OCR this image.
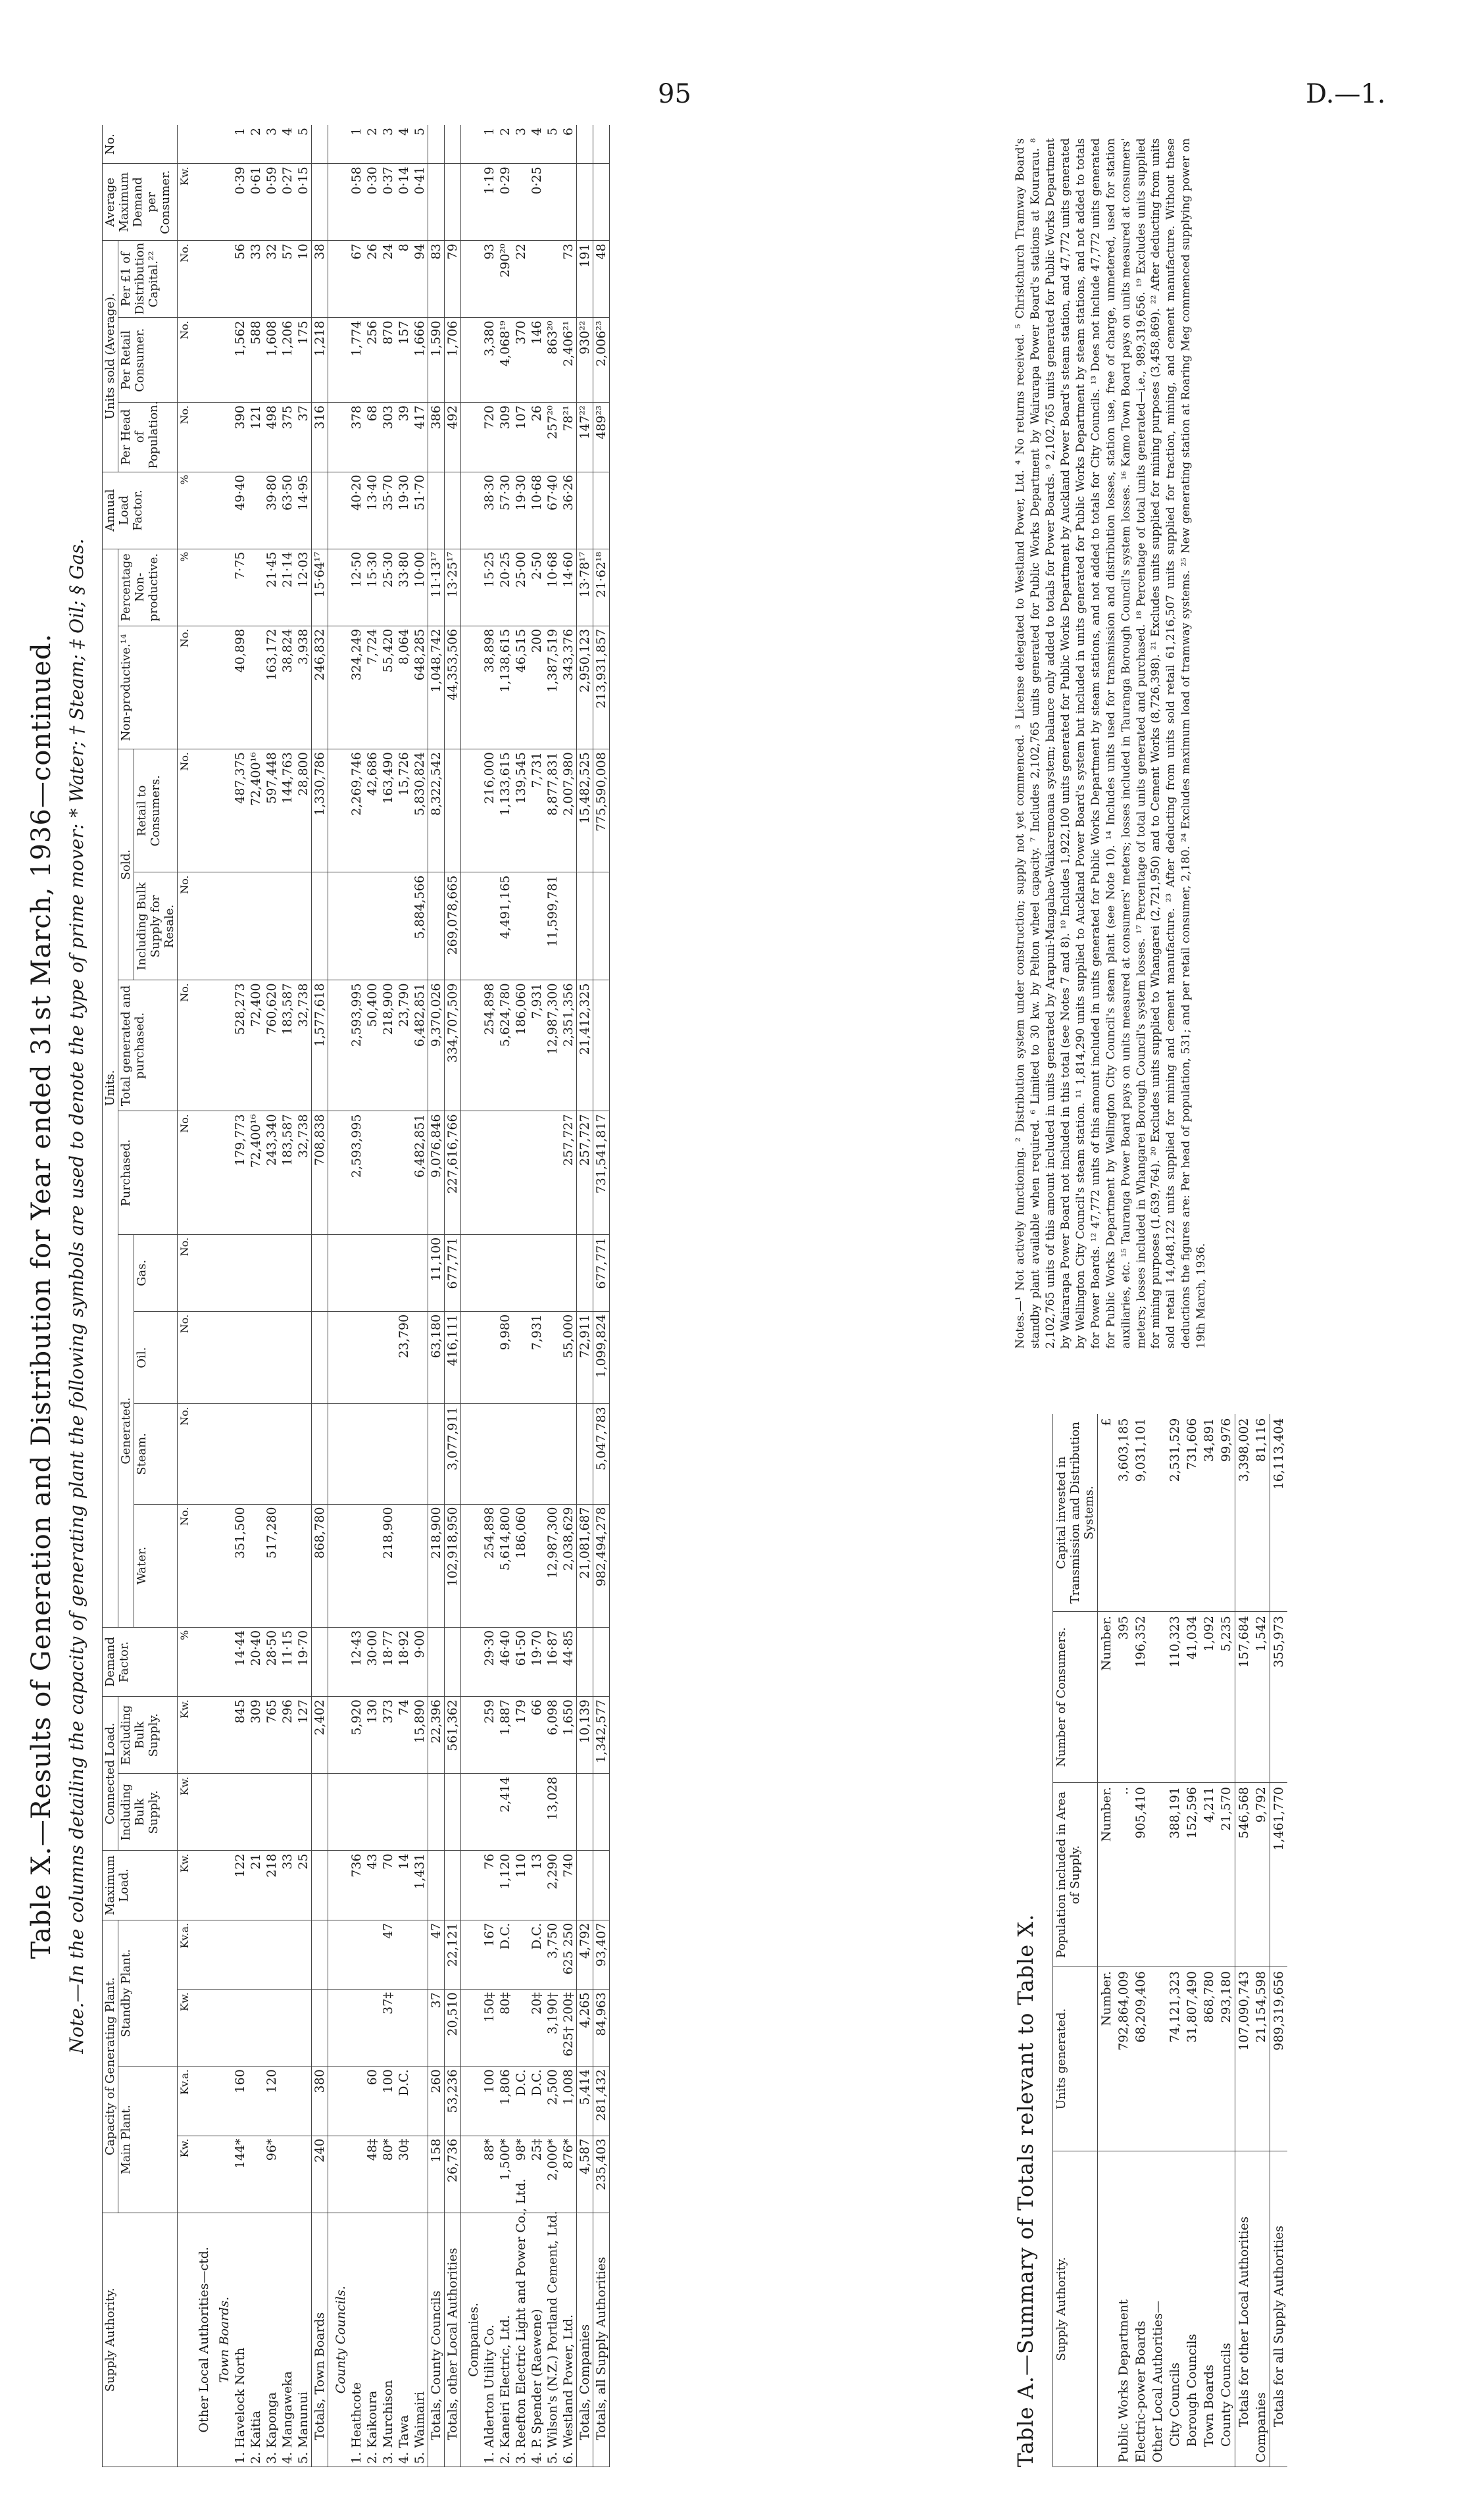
95	D.—1.
Table X.—Results of Generation and Distribution for Year ended 31st March, 1936—continued. Note.—In the columns detailing the capacity of generating plant the following symbols are used to denote the type of prime mover: * Water; † Steam; ‡ Oil; § Gas.
Supply Authority.	Capacity of Generating Plant.				Maximum Load.	Connected Load.		Demand Factor.	Units.										Annual Load Factor.	Units sold (Average).			Average Maximum Demand per Consumer.	No.
	Main Plant.		Standby Plant.			Including Bulk Supply.	Excluding Bulk Supply.		Generated.				Purchased.	Total generated and purchased.	Sold.		Non-productive.¹⁴	Percentage Non-productive.		Per Head of Population.	Per Retail Consumer.	Per £1 of Distribution Capital.²²		
									Water.	Steam.	Oil.	Gas.			Including Bulk Supply for Resale.	Retail to Consumers.								
	Kw.	Kv.a.	Kw.	Kv.a.	Kw.	Kw.	Kw.	%	No.	No.	No.	No.	No.	No.	No.	No.	No.	%	%	No.	No.	No.	Kw.	
Other Local Authorities—ctd.																								
Town Boards.																								
1. Havelock North	144*	160			122		845	14·44	351,500				179,773	528,273		487,375	40,898	7·75	49·40	390	1,562	56	0·39	1
2. Kaitia					21		309	20·40					72,400¹⁶	72,400		72,400¹⁶				121	588	33	0·61	2
3. Kaponga	96*	120			218		765	28·50	517,280				243,340	760,620		597,448	163,172	21·45	39·80	498	1,608	32	0·59	3
4. Mangaweka					33		296	11·15					183,587	183,587		144,763	38,824	21·14	63·50	375	1,206	57	0·27	4
5. Manunui					25		127	19·70					32,738	32,738		28,800	3,938	12·03	14·95	37	175	10	0·15	5
Totals, Town Boards	240	380					2,402		868,780				708,838	1,577,618		1,330,786	246,832	15·64¹⁷		316	1,218	38		
County Councils.																								
1. Heathcote					736		5,920	12·43					2,593,995	2,593,995		2,269,746	324,249	12·50	40·20	378	1,774	67	0·58	1
2. Kaikoura	48‡	60			43		130	30·00						50,400		42,686	7,724	15·30	13·40	68	256	26	0·30	2
3. Murchison	80*	100	37‡	47	70		373	18·77	218,900					218,900		163,490	55,420	25·30	35·70	303	870	24	0·37	3
4. Tawa	30‡	D.C.			14		74	18·92			23,790			23,790		15,726	8,064	33·80	19·30	39	157	8	0·14	4
5. Waimairi					1,431		15,890	9·00					6,482,851	6,482,851	5,884,566	5,830,824	648,285	10·00	51·70	417	1,666	94	0·41	5
Totals, County Councils	158	260	37	47			22,396		218,900		63,180	11,100	9,076,846	9,370,026		8,322,542	1,048,742	11·13¹⁷		386	1,590	83		
Totals, other Local Authorities	26,736	53,236	20,510	22,121			561,362		102,918,950	3,077,911	416,111	677,771	227,616,766	334,707,509	269,078,665		44,353,506	13·25¹⁷		492	1,706	79		
Companies.																								
1. Alderton Utility Co.	88*	100	150‡	167	76		259	29·30	254,898					254,898		216,000	38,898	15·25	38·30	720	3,380	93	1·19	1
2. Kaneiri Electric, Ltd.	1,500*	1,806	80‡	D.C.	1,120	2,414	1,887	46·40	5,614,800		9,980			5,624,780	4,491,165	1,133,615	1,138,615	20·25	57·30	309	4,068¹⁹	290²⁰	0·29	2
3. Reefton Electric Light and Power Co., Ltd.	98*	D.C.			110		179	61·50	186,060					186,060		139,545	46,515	25·00	19·30	107	370	22		3
4. P. Spender (Raewene)	25‡	D.C.	20‡	D.C.	13		66	19·70			7,931			7,931		7,731	200	2·50	10·68	26	146		0·25	4
5. Wilson's (N.Z.) Portland Cement, Ltd.	2,000*	2,500	3,190†	3,750	2,290	13,028	6,098	16·87	12,987,300					12,987,300	11,599,781	8,877,831	1,387,519	10·68	67·40	257²⁰	863²⁰			5
6. Westland Power, Ltd.	876*	1,008	625† 200‡	625 250	740		1,650	44·85	2,038,629		55,000		257,727	2,351,356		2,007,980	343,376	14·60	36·26	78²¹	2,406²¹	73		6
Totals, Companies	4,587	5,414	4,265	4,792			10,139		21,081,687		72,911		257,727	21,412,325		15,482,525	2,950,123	13·78¹⁷		147²²	930²²	191		
Totals, all Supply Authorities	235,403	281,432	84,963	93,407			1,342,577		982,494,278	5,047,783	1,099,824	677,771	731,541,817			775,590,008	213,931,857	21·62¹⁸		489²³	2,006²³	48		
Table A.—Summary of Totals relevant to Table X. Supply Authority.	Units generated.	Population included in Area of Supply.	Number of Consumers.	Capital invested in Transmission and Distribution Systems.
	Number.	Number.	Number.	£
Public Works Department	792,864,009	..	395	3,603,185
Electric-power Boards	68,209,406	905,410	196,352	9,031,101
Other Local Authorities—				
City Councils	74,121,323	388,191	110,323	2,531,529
Borough Councils	31,807,490	152,596	41,034	731,606
Town Boards	868,780	4,211	1,092	34,891
County Councils	293,180	21,570	5,235	99,976
Totals for other Local Authorities	107,090,743	546,568	157,684	3,398,002
Companies	21,154,598	9,792	1,542	81,116
Totals for all Supply Authorities	989,319,656	1,461,770	355,973	16,113,404

Notes.—¹ Not actively functioning. ² Distribution system under construction; supply not yet commenced. ³ License delegated to Westland Power, Ltd. ⁴ No returns received. ⁵ Christchurch Tramway Board's standby plant available when required. ⁶ Limited to 30 kw. by Pelton wheel capacity. ⁷ Includes 2,102,765 units generated for Public Works Department by Wairarapa Power Board's stations at Kourarau. ⁸ 2,102,765 units of this amount included in units generated by Arapuni-Mangahao-Waikaremoana system; balance only added to totals for Power Boards. ⁹ 2,102,765 units generated for Public Works Department by Wairarapa Power Board not included in this total (see Notes 7 and 8). ¹⁰ Includes 1,922,100 units generated for Public Works Department by Auckland Power Board's steam station, and 47,772 units generated by Wellington City Council's steam station. ¹¹ 1,814,290 units supplied to Auckland Power Board's system but included in units generated for Public Works Department by steam stations, and not added to totals for Power Boards. ¹² 47,772 units of this amount included in units generated for Public Works Department by steam stations, and not added to totals for City Councils. ¹³ Does not include 47,772 units generated for Public Works Department by Wellington City Council's steam plant (see Note 10). ¹⁴ Includes units used for transmission and distribution losses, station use, free of charge, unmetered, used for station auxiliaries, etc. ¹⁵ Tauranga Power Board pays on units measured at consumers' meters; losses included in Tauranga Borough Council's system losses. ¹⁶ Kamo Town Board pays on units measured at consumers' meters; losses included in Whangarei Borough Council's system losses. ¹⁷ Percentage of total units generated and purchased. ¹⁸ Percentage of total units generated—i.e., 989,319,656. ¹⁹ Excludes units supplied for mining purposes (1,639,764). ²⁰ Excludes units supplied to Whangarei (2,721,950) and to Cement Works (8,726,398). ²¹ Excludes units supplied for mining purposes (3,458,869). ²² After deducting from units sold retail 14,048,122 units supplied for mining and cement manufacture. ²³ After deducting from units sold retail 61,216,507 units supplied for traction, mining, and cement manufacture. Without these deductions the figures are: Per head of population, 531; and per retail consumer, 2,180. ²⁴ Excludes maximum load of tramway systems. ²⁵ New generating station at Roaring Meg commenced supplying power on 19th March, 1936.
